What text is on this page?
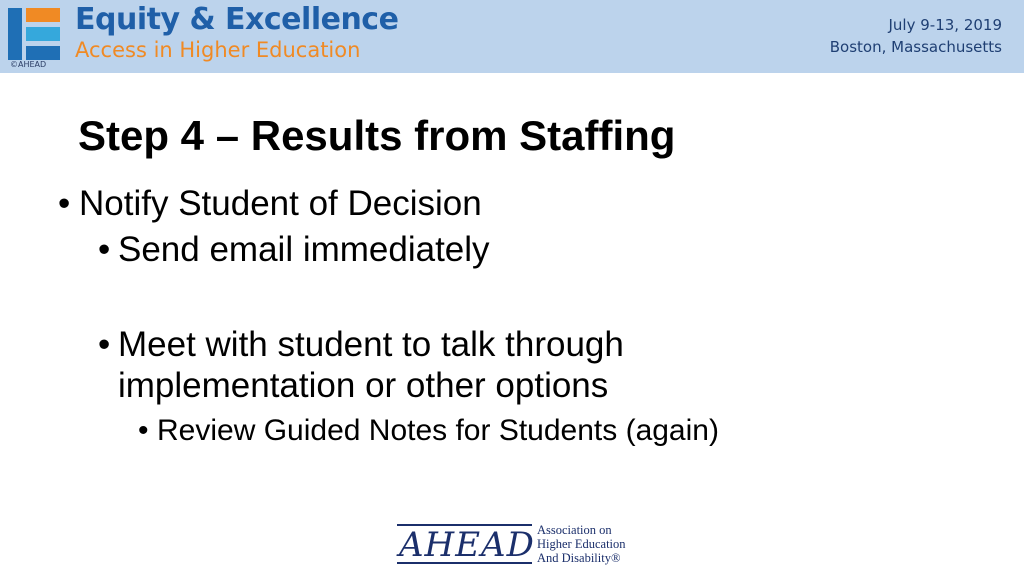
©AHEAD
Equity & Excellence
Access in Higher Education
July 9-13, 2019
Boston, Massachusetts
Step 4 – Results from Staffing
• Notify Student of Decision
• Send email immediately
• Meet with student to talk through implementation or other options
• Review Guided Notes for Students (again)
AHEAD Association on
Higher Education
And Disability®
